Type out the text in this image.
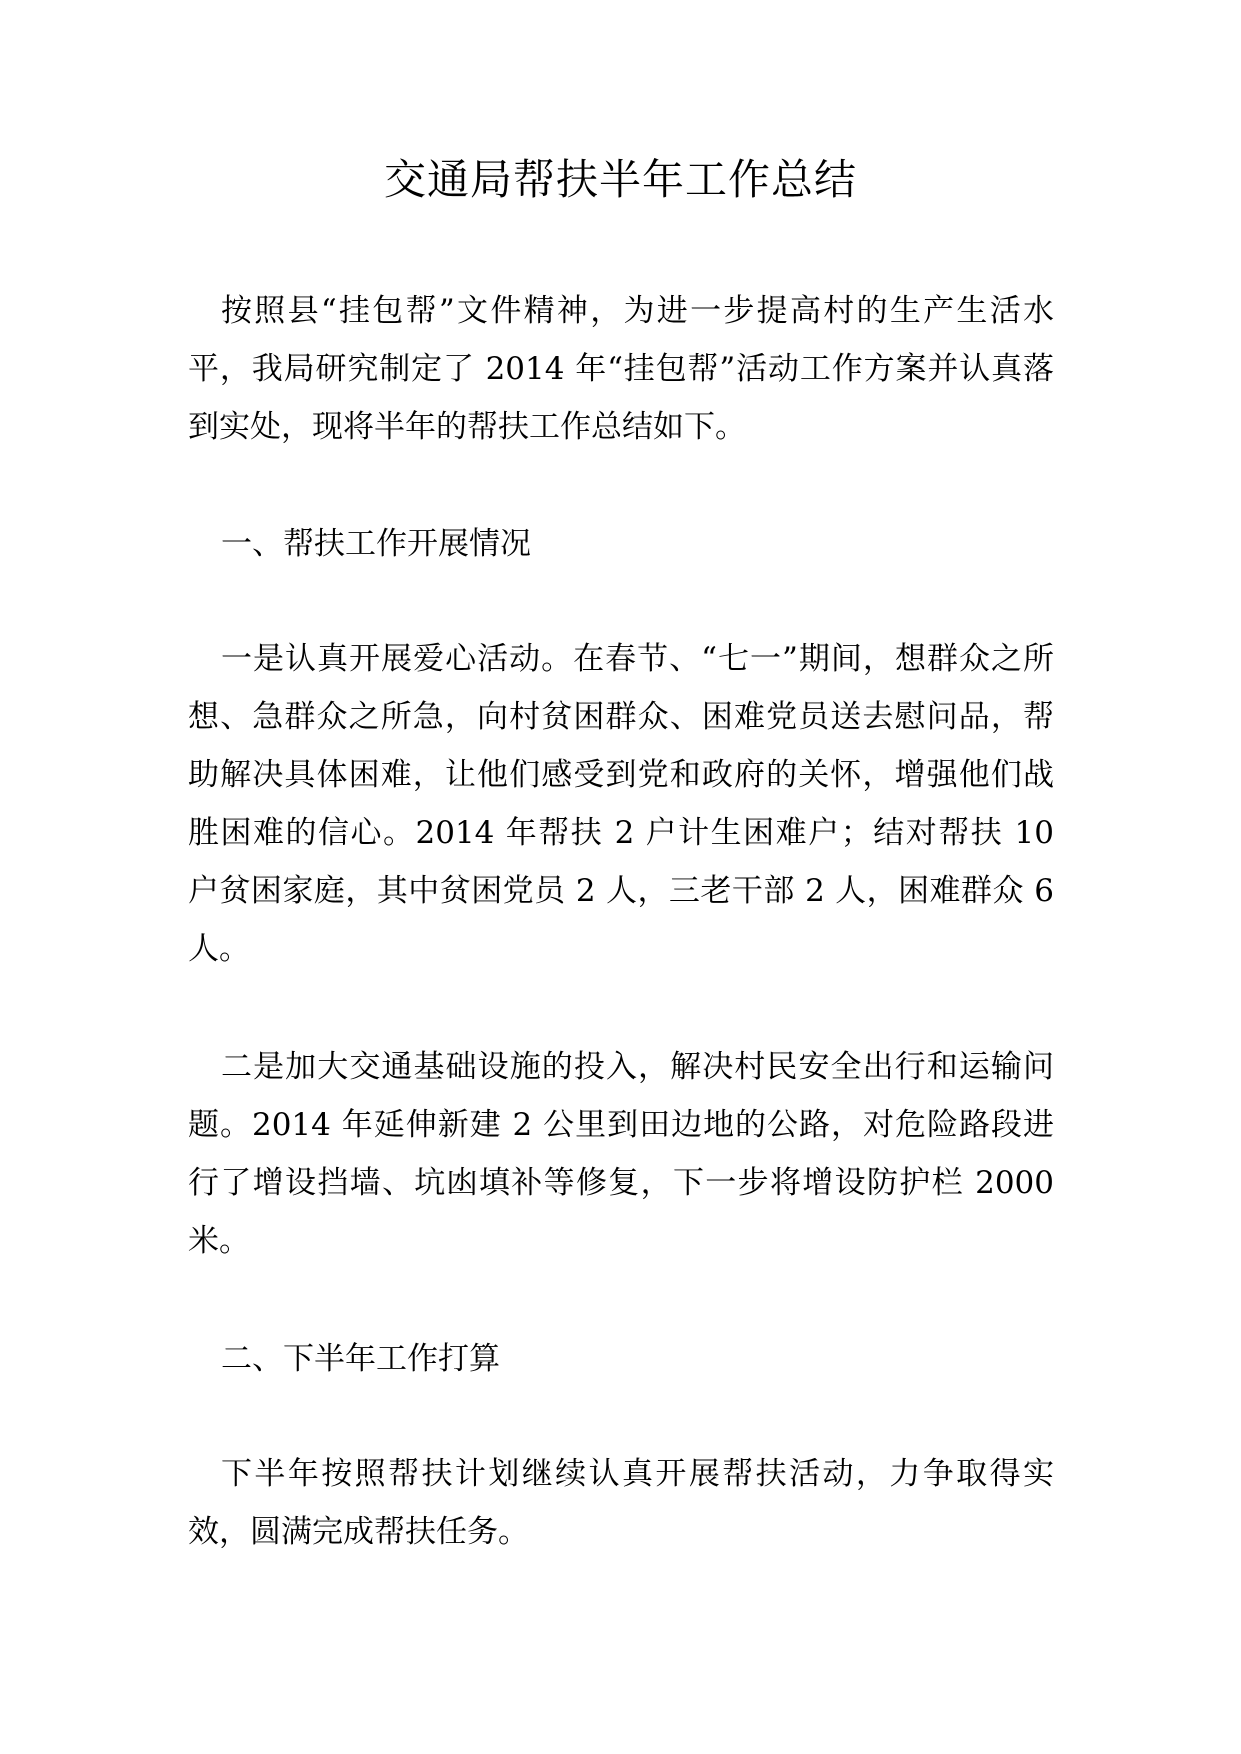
交通局帮扶半年工作总结

按照县“挂包帮”文件精神，为进一步提高村的生产生活水平，我局研究制定了 2014 年“挂包帮”活动工作方案并认真落到实处，现将半年的帮扶工作总结如下。

一、帮扶工作开展情况

一是认真开展爱心活动。在春节、“七一”期间，想群众之所想、急群众之所急，向村贫困群众、困难党员送去慰问品，帮助解决具体困难，让他们感受到党和政府的关怀，增强他们战胜困难的信心。2014 年帮扶 2 户计生困难户；结对帮扶 10 户贫困家庭，其中贫困党员 2 人，三老干部 2 人，困难群众 6 人。

二是加大交通基础设施的投入，解决村民安全出行和运输问题。2014 年延伸新建 2 公里到田边地的公路，对危险路段进行了增设挡墙、坑凼填补等修复，下一步将增设防护栏 2000 米。

二、下半年工作打算

下半年按照帮扶计划继续认真开展帮扶活动，力争取得实效，圆满完成帮扶任务。
